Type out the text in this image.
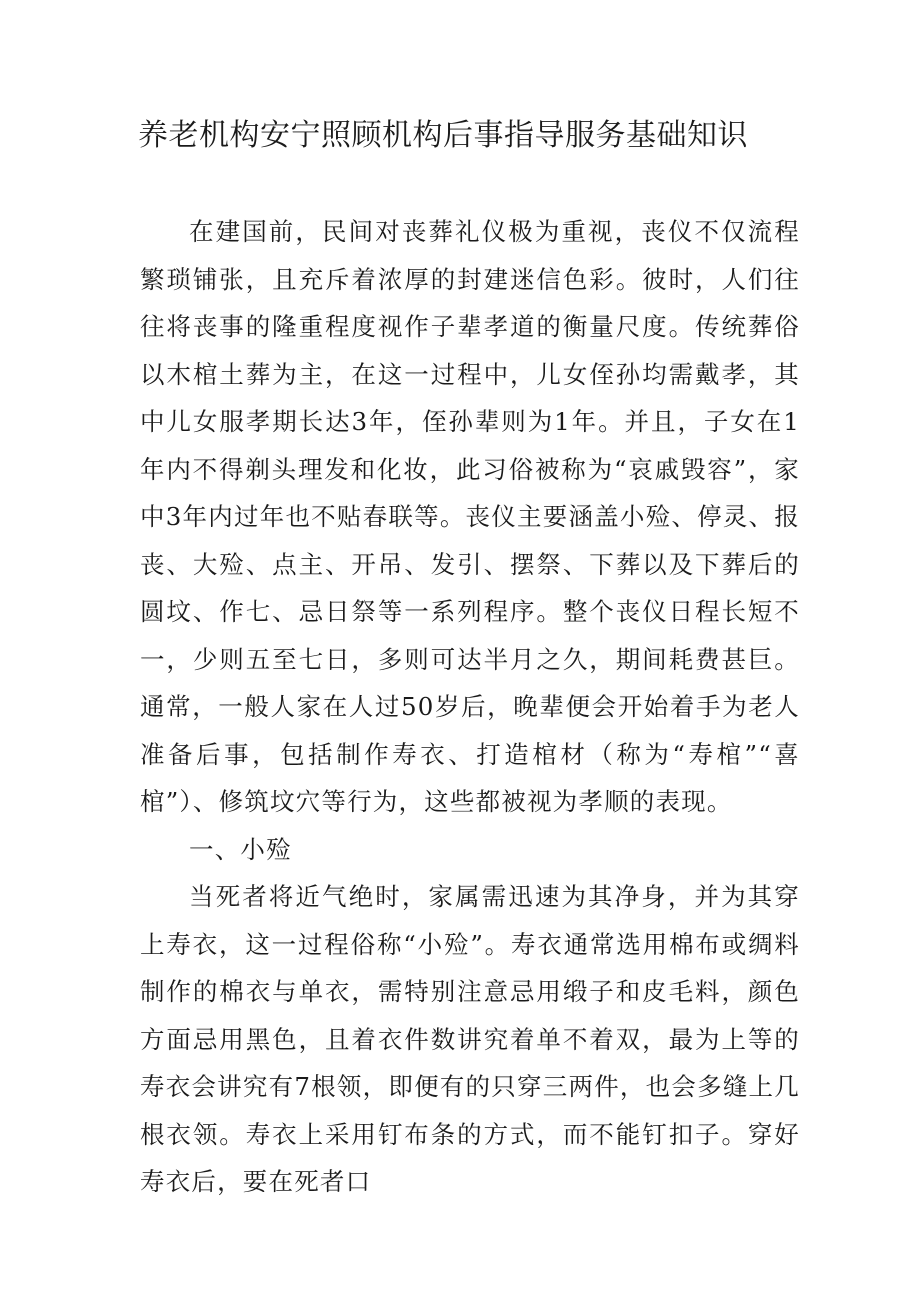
养老机构安宁照顾机构后事指导服务基础知识

在建国前，民间对丧葬礼仪极为重视，丧仪不仅流程繁琐铺张，且充斥着浓厚的封建迷信色彩。彼时，人们往往将丧事的隆重程度视作子辈孝道的衡量尺度。传统葬俗以木棺土葬为主，在这一过程中，儿女侄孙均需戴孝，其中儿女服孝期长达3年，侄孙辈则为1年。并且，子女在1年内不得剃头理发和化妆，此习俗被称为“哀戚毁容”，家中3年内过年也不贴春联等。丧仪主要涵盖小殓、停灵、报丧、大殓、点主、开吊、发引、摆祭、下葬以及下葬后的圆坟、作七、忌日祭等一系列程序。整个丧仪日程长短不一，少则五至七日，多则可达半月之久，期间耗费甚巨。通常，一般人家在人过50岁后，晚辈便会开始着手为老人准备后事，包括制作寿衣、打造棺材（称为“寿棺”“喜棺”）、修筑坟穴等行为，这些都被视为孝顺的表现。

一、小殓

当死者将近气绝时，家属需迅速为其净身，并为其穿上寿衣，这一过程俗称“小殓”。寿衣通常选用棉布或绸料制作的棉衣与单衣，需特别注意忌用缎子和皮毛料，颜色方面忌用黑色，且着衣件数讲究着单不着双，最为上等的寿衣会讲究有7根领，即便有的只穿三两件，也会多缝上几根衣领。寿衣上采用钉布条的方式，而不能钉扣子。穿好寿衣后，要在死者口
